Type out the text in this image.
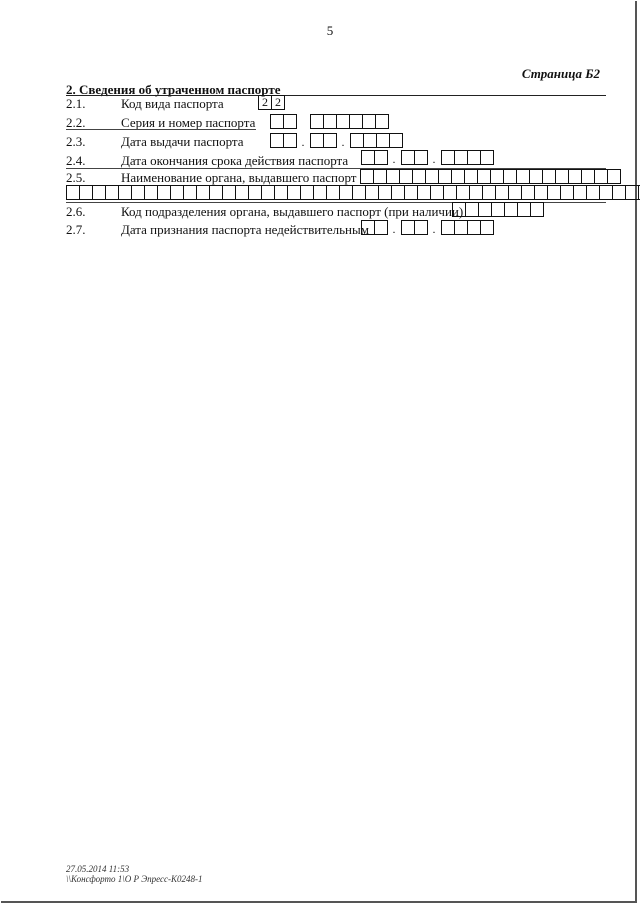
5
Страница Б2
2. Сведения об утраченном паспорте
2.1.	Код вида паспорта	2 2
2.2.	Серия и номер паспорта
2.3.	Дата выдачи паспорта	.	.
2.4.	Дата окончания срока действия паспорта	.	.
2.5.	Наименование органа, выдавшего паспорт
2.6.	Код подразделения органа, выдавшего паспорт (при наличии)
2.7.	Дата признания паспорта недействительным	.	.
27.05.2014 11:53
\\Консфорто 1\О Р Эпресс-К0248-1
